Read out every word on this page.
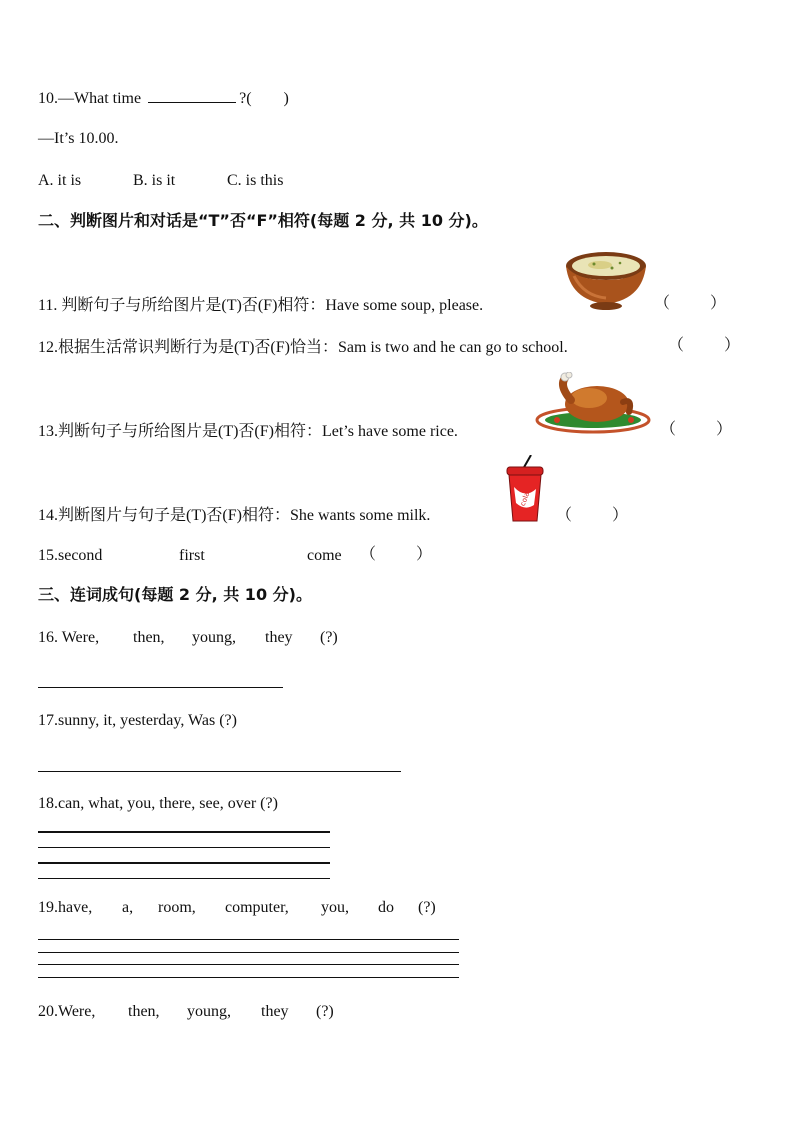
10.—What time	?(        )
—It’s 10.00.
A. it is	B. is it	C. is this
二、判断图片和对话是“T”否“F”相符(每题 2 分, 共 10 分)。
11. 判断句子与所给图片是(T)否(F)相符：Have some soup, please.	（          ）
12.根据生活常识判断行为是(T)否(F)恰当：Sam is two and he can go to school.	（          ）
13.判断句子与所给图片是(T)否(F)相符：Let’s have some rice.	（          ）
14.判断图片与句子是(T)否(F)相符：She wants some milk.
cola
（          ）
15.second	first	come （          ）
三、连词成句(每题 2 分, 共 10 分)。
16. Were, then, young, they (?)
17.sunny, it, yesterday, Was (?)
18.can, what, you, there, see, over (?)
19.have, a, room, computer, you, do (?)
20.Were, then, young, they (?)
